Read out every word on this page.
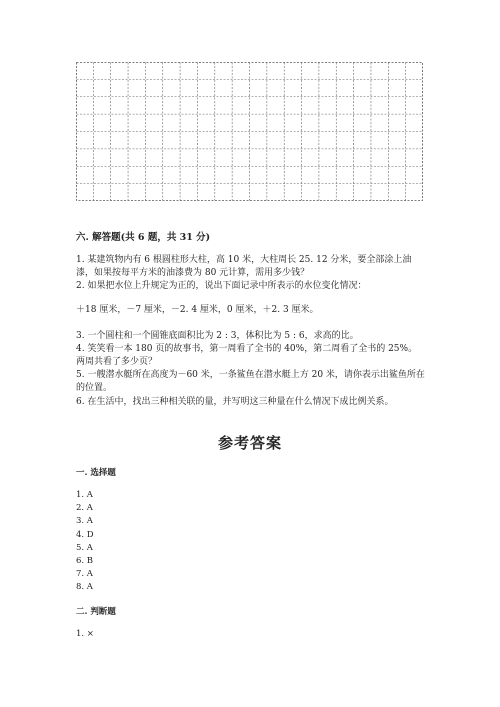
六. 解答题(共 6 题，共 31 分)
1. 某建筑物内有 6 根圆柱形大柱，高 10 米，大柱周长 25. 12 分米，要全部涂上油漆，如果按每平方米的油漆费为 80 元计算，需用多少钱？
2. 如果把水位上升规定为正的，说出下面记录中所表示的水位变化情况：
＋18 厘米，－7 厘米，－2. 4 厘米，0 厘米，＋2. 3 厘米。
3. 一个圆柱和一个圆锥底面积比为 2 : 3，体积比为 5 : 6，求高的比。
4. 笑笑看一本 180 页的故事书，第一周看了全书的 40%，第二周看了全书的 25%。两周共看了多少页？
5. 一艘潜水艇所在高度为－60 米，一条鲨鱼在潜水艇上方 20 米，请你表示出鲨鱼所在的位置。
6. 在生活中，找出三种相关联的量，并写明这三种量在什么情况下成比例关系。
参考答案
一. 选择题
1. A
2. A
3. A
4. D
5. A
6. B
7. A
8. A
二. 判断题
1. ×
